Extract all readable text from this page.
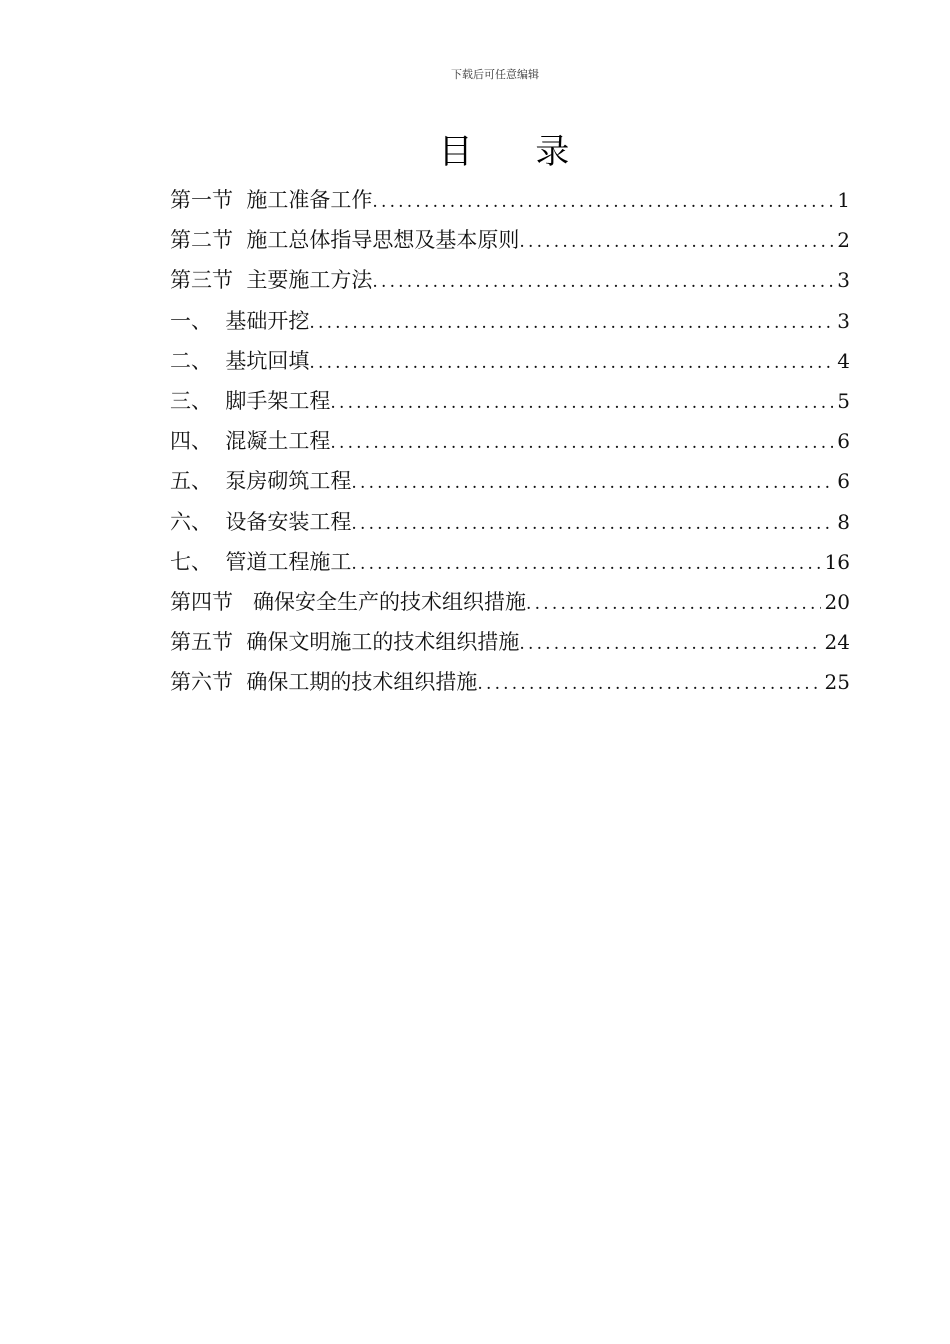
下载后可任意编辑
目 录
第一节  施工准备工作 .....	1
第二节  施工总体指导思想及基本原则 .....	2
第三节  主要施工方法 .....	3
一、  基础开挖 .....	3
二、  基坑回填 .....	4
三、  脚手架工程 .....	5
四、  混凝土工程 .....	6
五、  泵房砌筑工程 .....	6
六、  设备安装工程 .....	8
七、  管道工程施工 .....	16
第四节   确保安全生产的技术组织措施 .....	20
第五节  确保文明施工的技术组织措施 .....	24
第六节  确保工期的技术组织措施 .....	25
